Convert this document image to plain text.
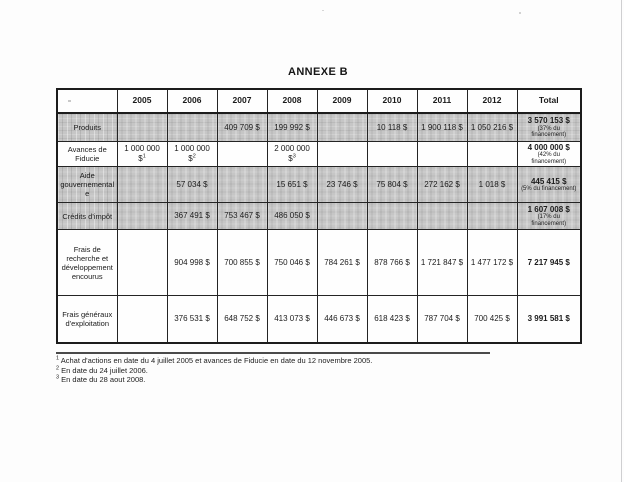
ANNEXE B
	2005	2006	2007	2008	2009	2010	2011	2012	Total
Produits			409 709 $	199 992 $		10 118 $	1 900 118 $	1 050 216 $	3 570 153 $
(37% du financement)

Avances de Fiducie	1 000 000 \$$^1$	1 000 000 \$$^2$		2 000 000 \$$^3$					4 000 000 $
(42% du financement)

Aide gouvernementale		57 034 $		15 651 $	23 746 $	75 804 $	272 162 $	1 018 $	445 415 $
(5% du financement)

Crédits d'impôt		367 491 $	753 467 $	486 050 $					1 607 008 $
(17% du financement)

Frais de recherche et développement encourus		904 998 $	700 855 $	750 046 $	784 261 $	878 766 $	1 721 847 $	1 477 172 $	7 217 945 $

Frais généraux d'exploitation		376 531 $	648 752 $	413 073 $	446 673 $	618 423 $	787 704 $	700 425 $	3 991 581 $
$^1$ Achat d'actions en date du 4 juillet 2005 et avances de Fiducie en date du 12 novembre 2005.
$^2$ En date du 24 juillet 2006.
$^3$ En date du 28 aout 2008.
